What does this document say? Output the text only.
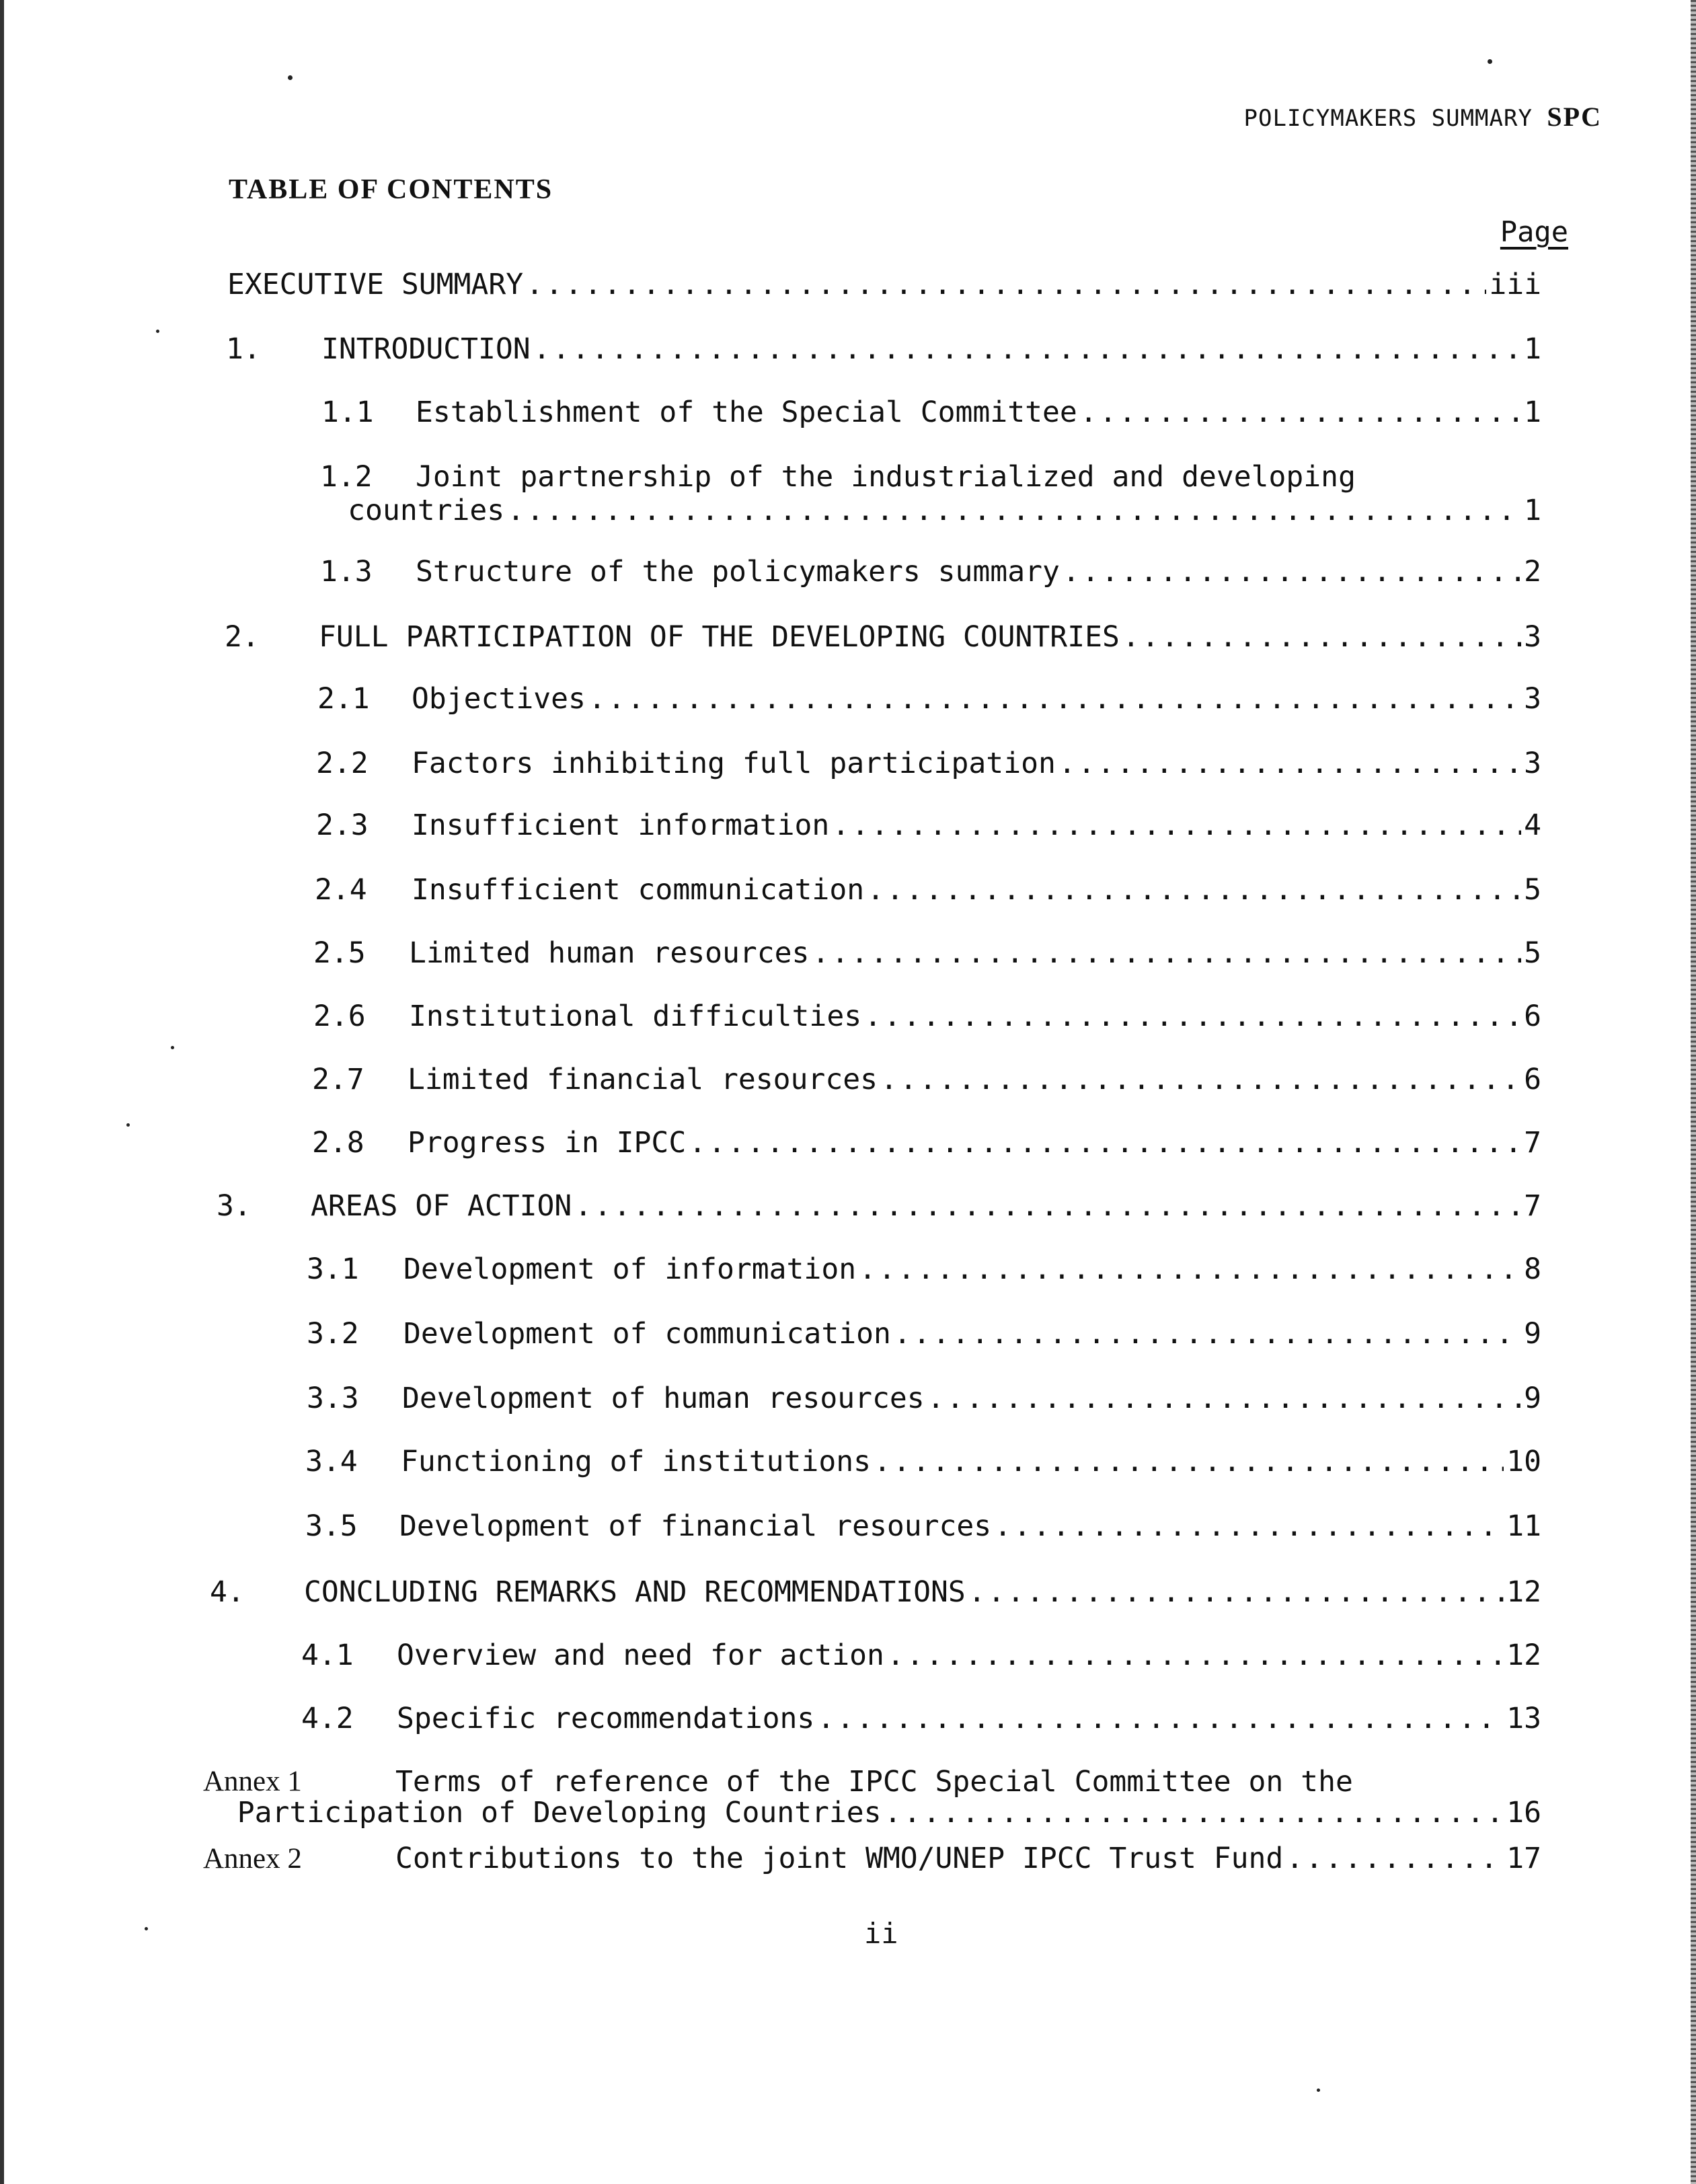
POLICYMAKERS SUMMARY SPC
TABLE OF CONTENTS
Page
EXECUTIVE SUMMARY .....	iii
1.	INTRODUCTION .....	1
1.1	Establishment of the Special Committee .....	1
1.2	Joint partnership of the industrialized and developing
countries .....	1
1.3	Structure of the policymakers summary .....	2
2.	FULL PARTICIPATION OF THE DEVELOPING COUNTRIES .....	3
2.1	Objectives .....	3
2.2	Factors inhibiting full participation .....	3
2.3	Insufficient information .....	4
2.4	Insufficient communication .....	5
2.5	Limited human resources .....	5
2.6	Institutional difficulties .....	6
2.7	Limited financial resources .....	6
2.8	Progress in IPCC .....	7
3.	AREAS OF ACTION .....	7
3.1	Development of information .....	8
3.2	Development of communication .....	9
3.3	Development of human resources .....	9
3.4	Functioning of institutions .....	10
3.5	Development of financial resources .....	11
4.	CONCLUDING REMARKS AND RECOMMENDATIONS .....	12
4.1	Overview and need for action .....	12
4.2	Specific recommendations .....	13
Annex 1	Terms of reference of the IPCC Special Committee on the
Participation of Developing Countries .....	16
Annex 2	Contributions to the joint WMO/UNEP IPCC Trust Fund .....	17
ii
